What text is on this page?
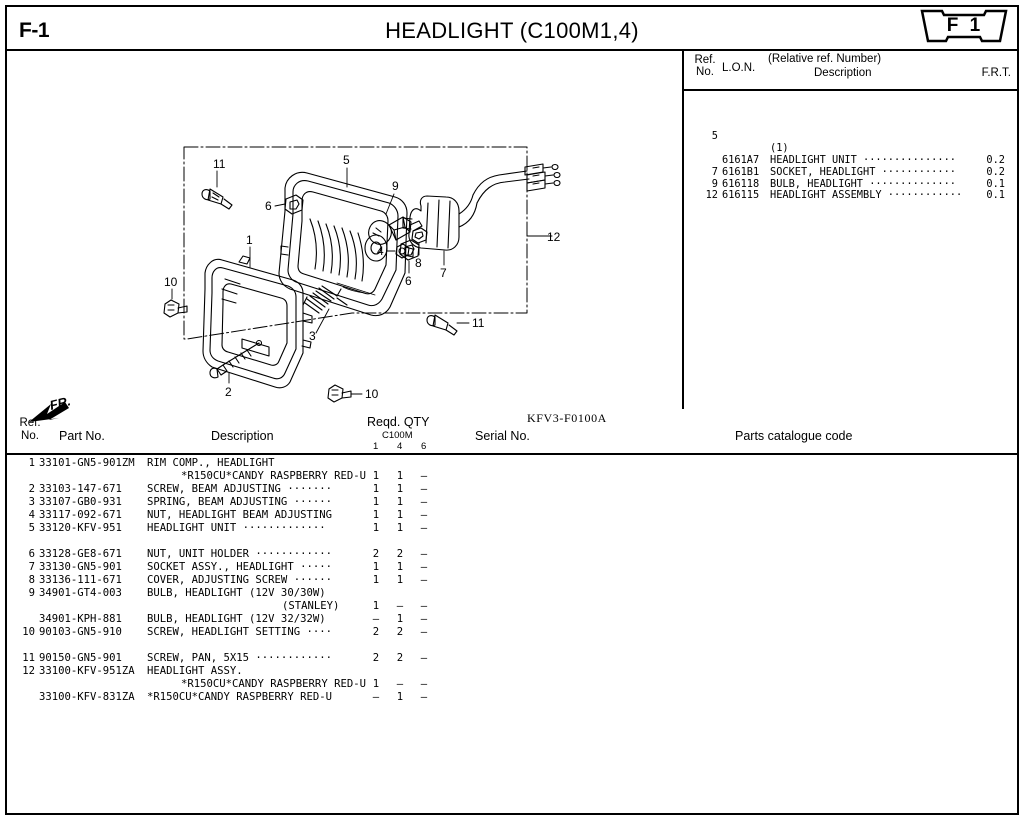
F-1	HEADLIGHT (C100M1,4)	F 1
1
5
6
6
4
8
9
7
11
11
10
10
3
2
12
FR.
KFV3-F0100A
Ref.
No. L.O.N.
(Relative ref. Number)
Description	F.R.T.

5

(1)

6161A7 HEADLIGHT UNIT ···············	0.2
7 6161B1 SOCKET, HEADLIGHT ············	0.2
9 616118 BULB, HEADLIGHT ··············	0.1
12 616115 HEADLIGHT ASSEMBLY ············ 0.1

Ref.
No.	Part No.	Description
Reqd. QTY
C100M
1 4 6
Serial No.	Parts catalogue code
1 33101-GN5-901ZM RIM COMP., HEADLIGHT
*R150CU*CANDY RASPBERRY RED-U 1 1 –
2 33103-147-671 SCREW, BEAM ADJUSTING ·······	1 1 –
3 33107-GB0-931 SPRING, BEAM ADJUSTING ······	1 1 –
4 33117-092-671 NUT, HEADLIGHT BEAM ADJUSTING	1 1 –
5 33120-KFV-951 HEADLIGHT UNIT ·············	1 1 –

6 33128-GE8-671 NUT, UNIT HOLDER ············	2 2 –
7 33130-GN5-901 SOCKET ASSY., HEADLIGHT ·····	1 1 –
8 33136-111-671 COVER, ADJUSTING SCREW ······	1 1 –
9 34901-GT4-003 BULB, HEADLIGHT (12V 30/30W)
(STANLEY)	1 – –
34901-KPH-881 BULB, HEADLIGHT (12V 32/32W)	– 1 –
10 90103-GN5-910 SCREW, HEADLIGHT SETTING ····	2 2 –

11 90150-GN5-901 SCREW, PAN, 5X15 ············	2 2 –
12 33100-KFV-951ZA HEADLIGHT ASSY.
*R150CU*CANDY RASPBERRY RED-U 1 – –
33100-KFV-831ZA *R150CU*CANDY RASPBERRY RED-U	– 1 –
